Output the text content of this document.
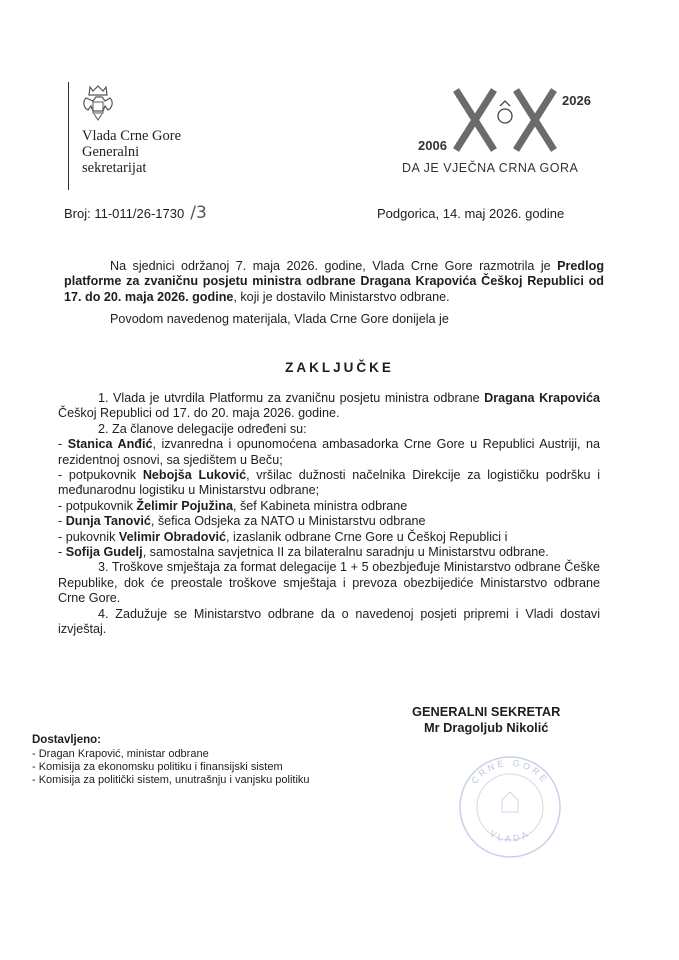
Vlada Crne Gore
Generalni
sekretarijat
2006
2026
DA JE VJEČNA CRNA GORA
Broj: 11-011/26-1730 /3	Podgorica, 14. maj 2026. godine

Na sjednici održanoj 7. maja 2026. godine, Vlada Crne Gore razmotrila je Predlog platforme za zvaničnu posjetu ministra odbrane Dragana Krapovića Češkoj Republici od 17. do 20. maja 2026. godine, koji je dostavilo Ministarstvo odbrane.

Povodom navedenog materijala, Vlada Crne Gore donijela je

ZAKLJUČKE

1. Vlada je utvrdila Platformu za zvaničnu posjetu ministra odbrane Dragana Krapovića Češkoj Republici od 17. do 20. maja 2026. godine.

2. Za članove delegacije određeni su:

- Stanica Anđić, izvanredna i opunomoćena ambasadorka Crne Gore u Republici Austriji, na rezidentnoj osnovi, sa sjedištem u Beču;

- potpukovnik Nebojša Luković, vršilac dužnosti načelnika Direkcije za logističku podršku i međunarodnu logistiku u Ministarstvu odbrane;

- potpukovnik Želimir Pojužina, šef Kabineta ministra odbrane

- Dunja Tanović, šefica Odsjeka za NATO u Ministarstvu odbrane

- pukovnik Velimir Obradović, izaslanik odbrane Crne Gore u Češkoj Republici i

- Sofija Gudelj, samostalna savjetnica II za bilateralnu saradnju u Ministarstvu odbrane.

3. Troškove smještaja za format delegacije 1 + 5 obezbjeđuje Ministarstvo odbrane Češke Republike, dok će preostale troškove smještaja i prevoza obezbijediće Ministarstvo odbrane Crne Gore.

4. Zadužuje se Ministarstvo odbrane da o navedenoj posjeti pripremi i Vladi dostavi izvještaj.

GENERALNI SEKRETAR
Mr Dragoljub Nikolić
Dostavljeno:
- Dragan Krapović, ministar odbrane
- Komisija za ekonomsku politiku i finansijski sistem
- Komisija za politički sistem, unutrašnju i vanjsku politiku	CRNE GORE
VLADA
